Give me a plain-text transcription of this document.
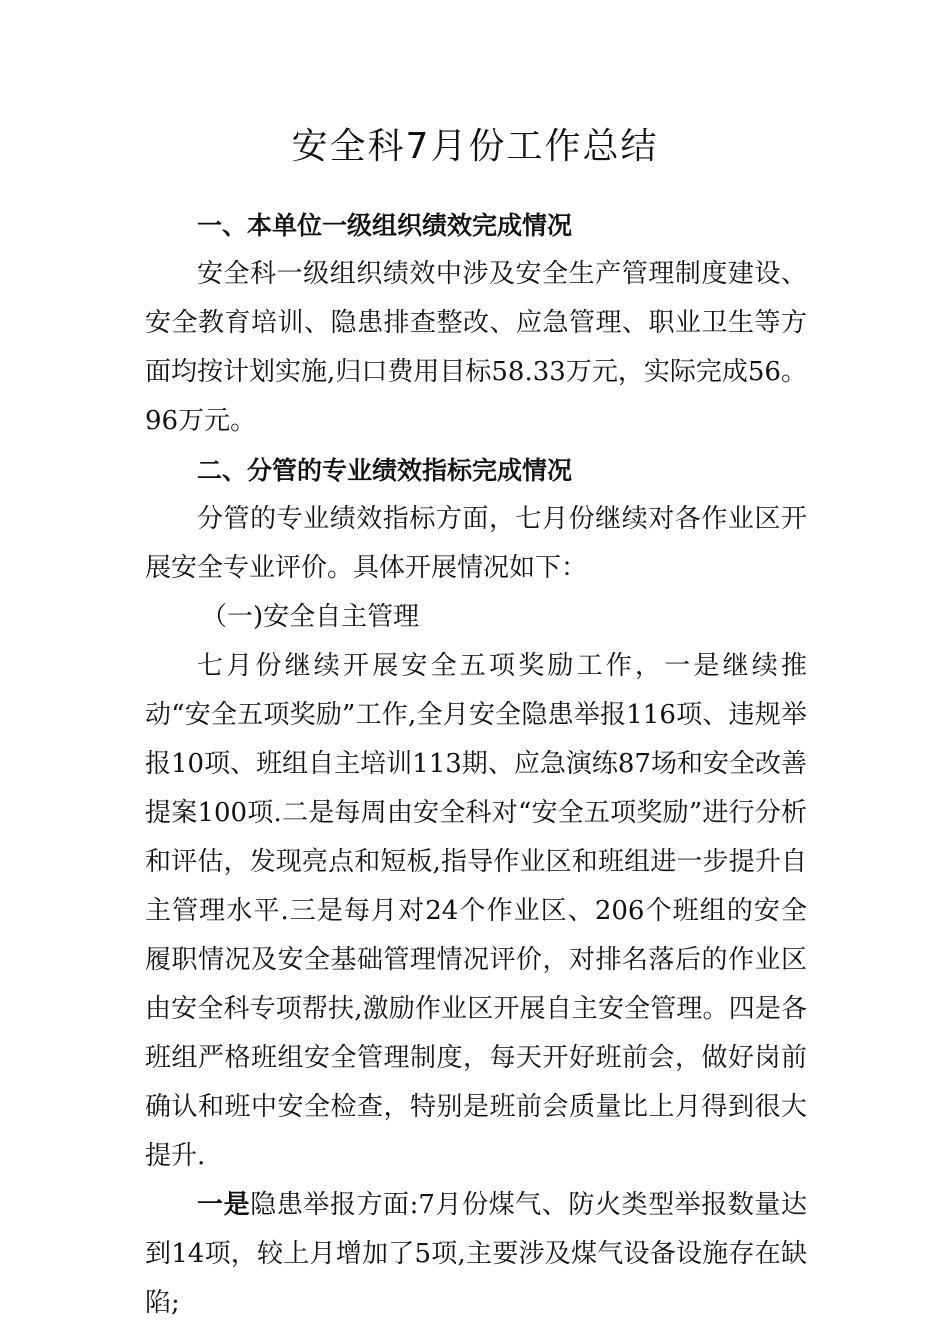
安全科7月份工作总结

一、本单位一级组织绩效完成情况

安全科一级组织绩效中涉及安全生产管理制度建设、安全教育培训、隐患排查整改、应急管理、职业卫生等方面均按计划实施,归口费用目标58.33万元，实际完成56。96万元。

二、分管的专业绩效指标完成情况

分管的专业绩效指标方面，七月份继续对各作业区开展安全专业评价。具体开展情况如下：

（一)安全自主管理

七月份继续开展安全五项奖励工作，一是继续推动“安全五项奖励”工作,全月安全隐患举报116项、违规举报10项、班组自主培训113期、应急演练87场和安全改善提案100项.二是每周由安全科对“安全五项奖励”进行分析和评估，发现亮点和短板,指导作业区和班组进一步提升自主管理水平.三是每月对24个作业区、206个班组的安全履职情况及安全基础管理情况评价，对排名落后的作业区由安全科专项帮扶,激励作业区开展自主安全管理。四是各班组严格班组安全管理制度，每天开好班前会，做好岗前确认和班中安全检查，特别是班前会质量比上月得到很大提升.

一是隐患举报方面:7月份煤气、防火类型举报数量达到14项，较上月增加了5项,主要涉及煤气设备设施存在缺陷;
